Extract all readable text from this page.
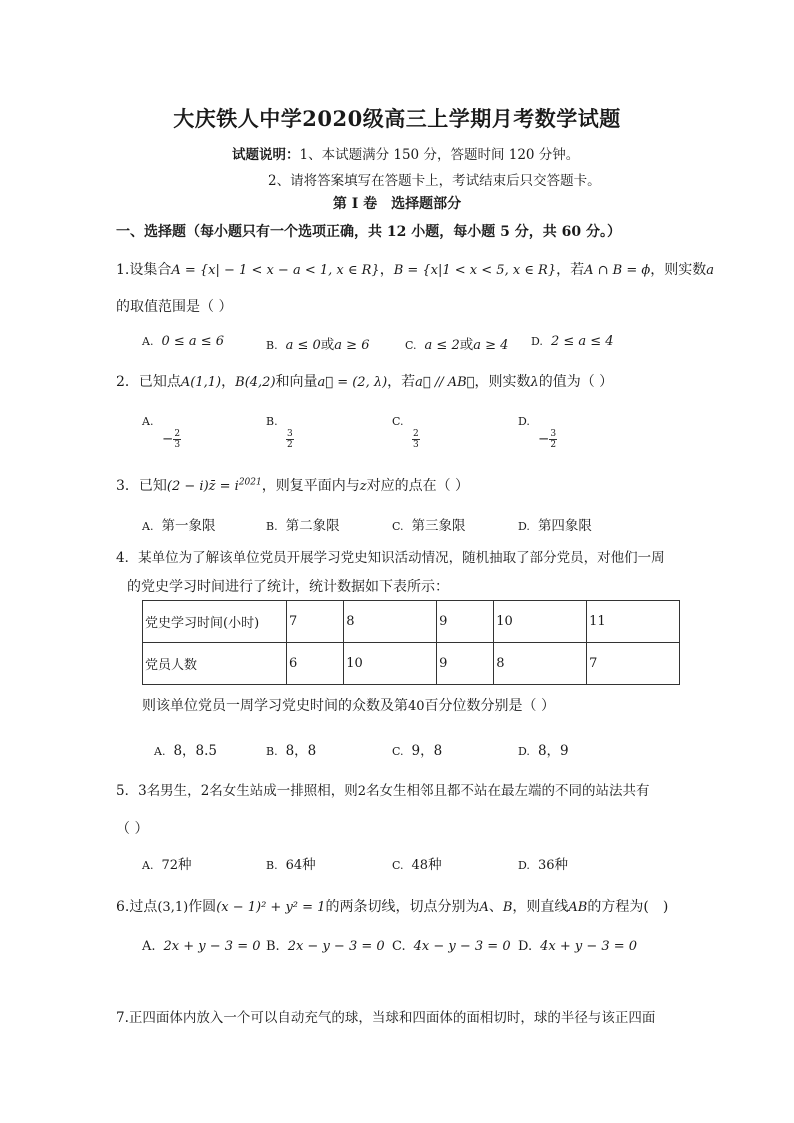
大庆铁人中学2020级高三上学期月考数学试题
试题说明：1、本试题满分 150 分，答题时间 120 分钟。
2、请将答案填写在答题卡上，考试结束后只交答题卡。
第 I 卷　选择题部分
一、选择题（每小题只有一个选项正确，共 12 小题，每小题 5 分，共 60 分。）
1.设集合A = {x| − 1 < x − a < 1, x ∈ R}，B = {x|1 < x < 5, x ∈ R}，若A ∩ B = ϕ，则实数a
的取值范围是（ ）
A. 0 ≤ a ≤ 6	B. a ≤ 0或a ≥ 6	C. a ≤ 2或a ≥ 4 D. 2 ≤ a ≤ 4
2．已知点A(1,1)，B(4,2)和向量a⃗ = (2, λ)，若a⃗ // AB⃗，则实数λ的值为（ ）
A.
− $\frac{2}{3}$
B.

$\frac{3}{2}$
C.

$\frac{2}{3}$
D.
− $\frac{3}{2}$
3．已知(2 − i)z̄ = $i^{2021}$，则复平面内与z对应的点在（ ）
A. 第一象限	B. 第二象限	C. 第三象限	D. 第四象限
4．某单位为了解该单位党员开展学习党史知识活动情况，随机抽取了部分党员，对他们一周
的党史学习时间进行了统计，统计数据如下表所示：
党史学习时间(小时)	7	8	9	10	11
党员人数	6	10	9	8	7
则该单位党员一周学习党史时间的众数及第40百分位数分别是（ ）
A. 8，8.5	B. 8，8	C. 9，8	D. 8，9
5．3名男生，2名女生站成一排照相，则2名女生相邻且都不站在最左端的不同的站法共有
（ ）
A. 72种	B. 64种	C. 48种	D. 36种
6.过点(3,1)作圆(x − 1)² + y² = 1的两条切线，切点分别为A、B，则直线AB的方程为(　)
A. 2x + y − 3 = 0 B. 2x − y − 3 = 0 C. 4x − y − 3 = 0 D. 4x + y − 3 = 0
7.正四面体内放入一个可以自动充气的球，当球和四面体的面相切时，球的半径与该正四面
